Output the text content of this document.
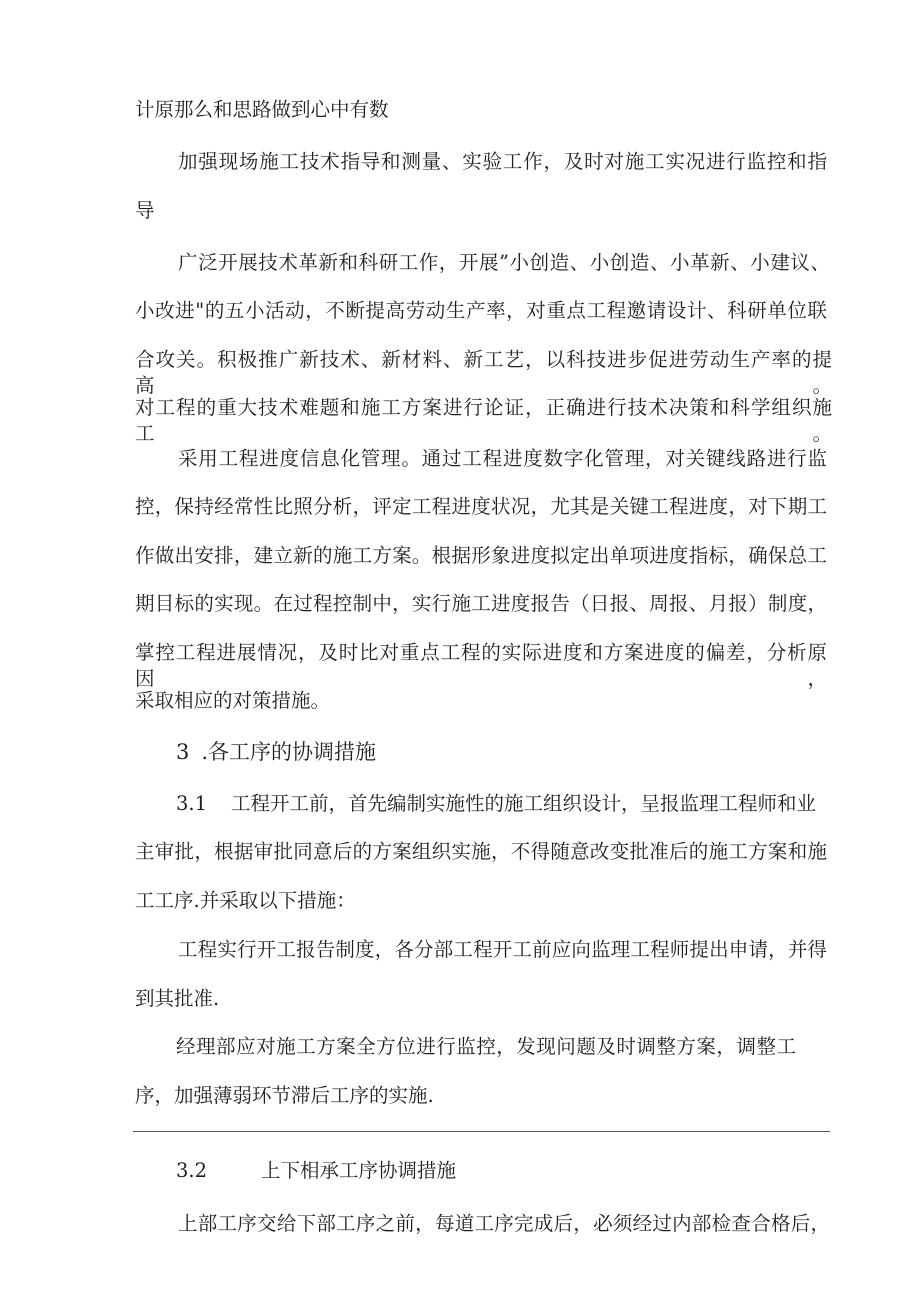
计原那么和思路做到心中有数
加强现场施工技术指导和测量、实验工作，及时对施工实况进行监控和指
导
广泛开展技术革新和科研工作，开展”小创造、小创造、小革新、小建议、
小改进"的五小活动，不断提高劳动生产率，对重点工程邀请设计、科研单位联
合攻关。积极推广新技术、新材料、新工艺，以科技进步促进劳动生产率的提高。
对工程的重大技术难题和施工方案进行论证，正确进行技术决策和科学组织施工。
采用工程进度信息化管理。通过工程进度数字化管理，对关键线路进行监
控，保持经常性比照分析，评定工程进度状况，尤其是关键工程进度，对下期工
作做出安排，建立新的施工方案。根据形象进度拟定出单项进度指标，确保总工
期目标的实现。在过程控制中，实行施工进度报告（日报、周报、月报）制度，
掌控工程进展情况，及时比对重点工程的实际进度和方案进度的偏差，分析原因，
采取相应的对策措施。
3 .各工序的协调措施
3.1 工程开工前，首先编制实施性的施工组织设计，呈报监理工程师和业
主审批，根据审批同意后的方案组织实施，不得随意改变批准后的施工方案和施
工工序.并采取以下措施：
工程实行开工报告制度，各分部工程开工前应向监理工程师提出申请，并得
到其批准.
经理部应对施工方案全方位进行监控，发现问题及时调整方案，调整工
序，加强薄弱环节滞后工序的实施.
3.2	上下相承工序协调措施
上部工序交给下部工序之前，每道工序完成后，必须经过内部检查合格后，
